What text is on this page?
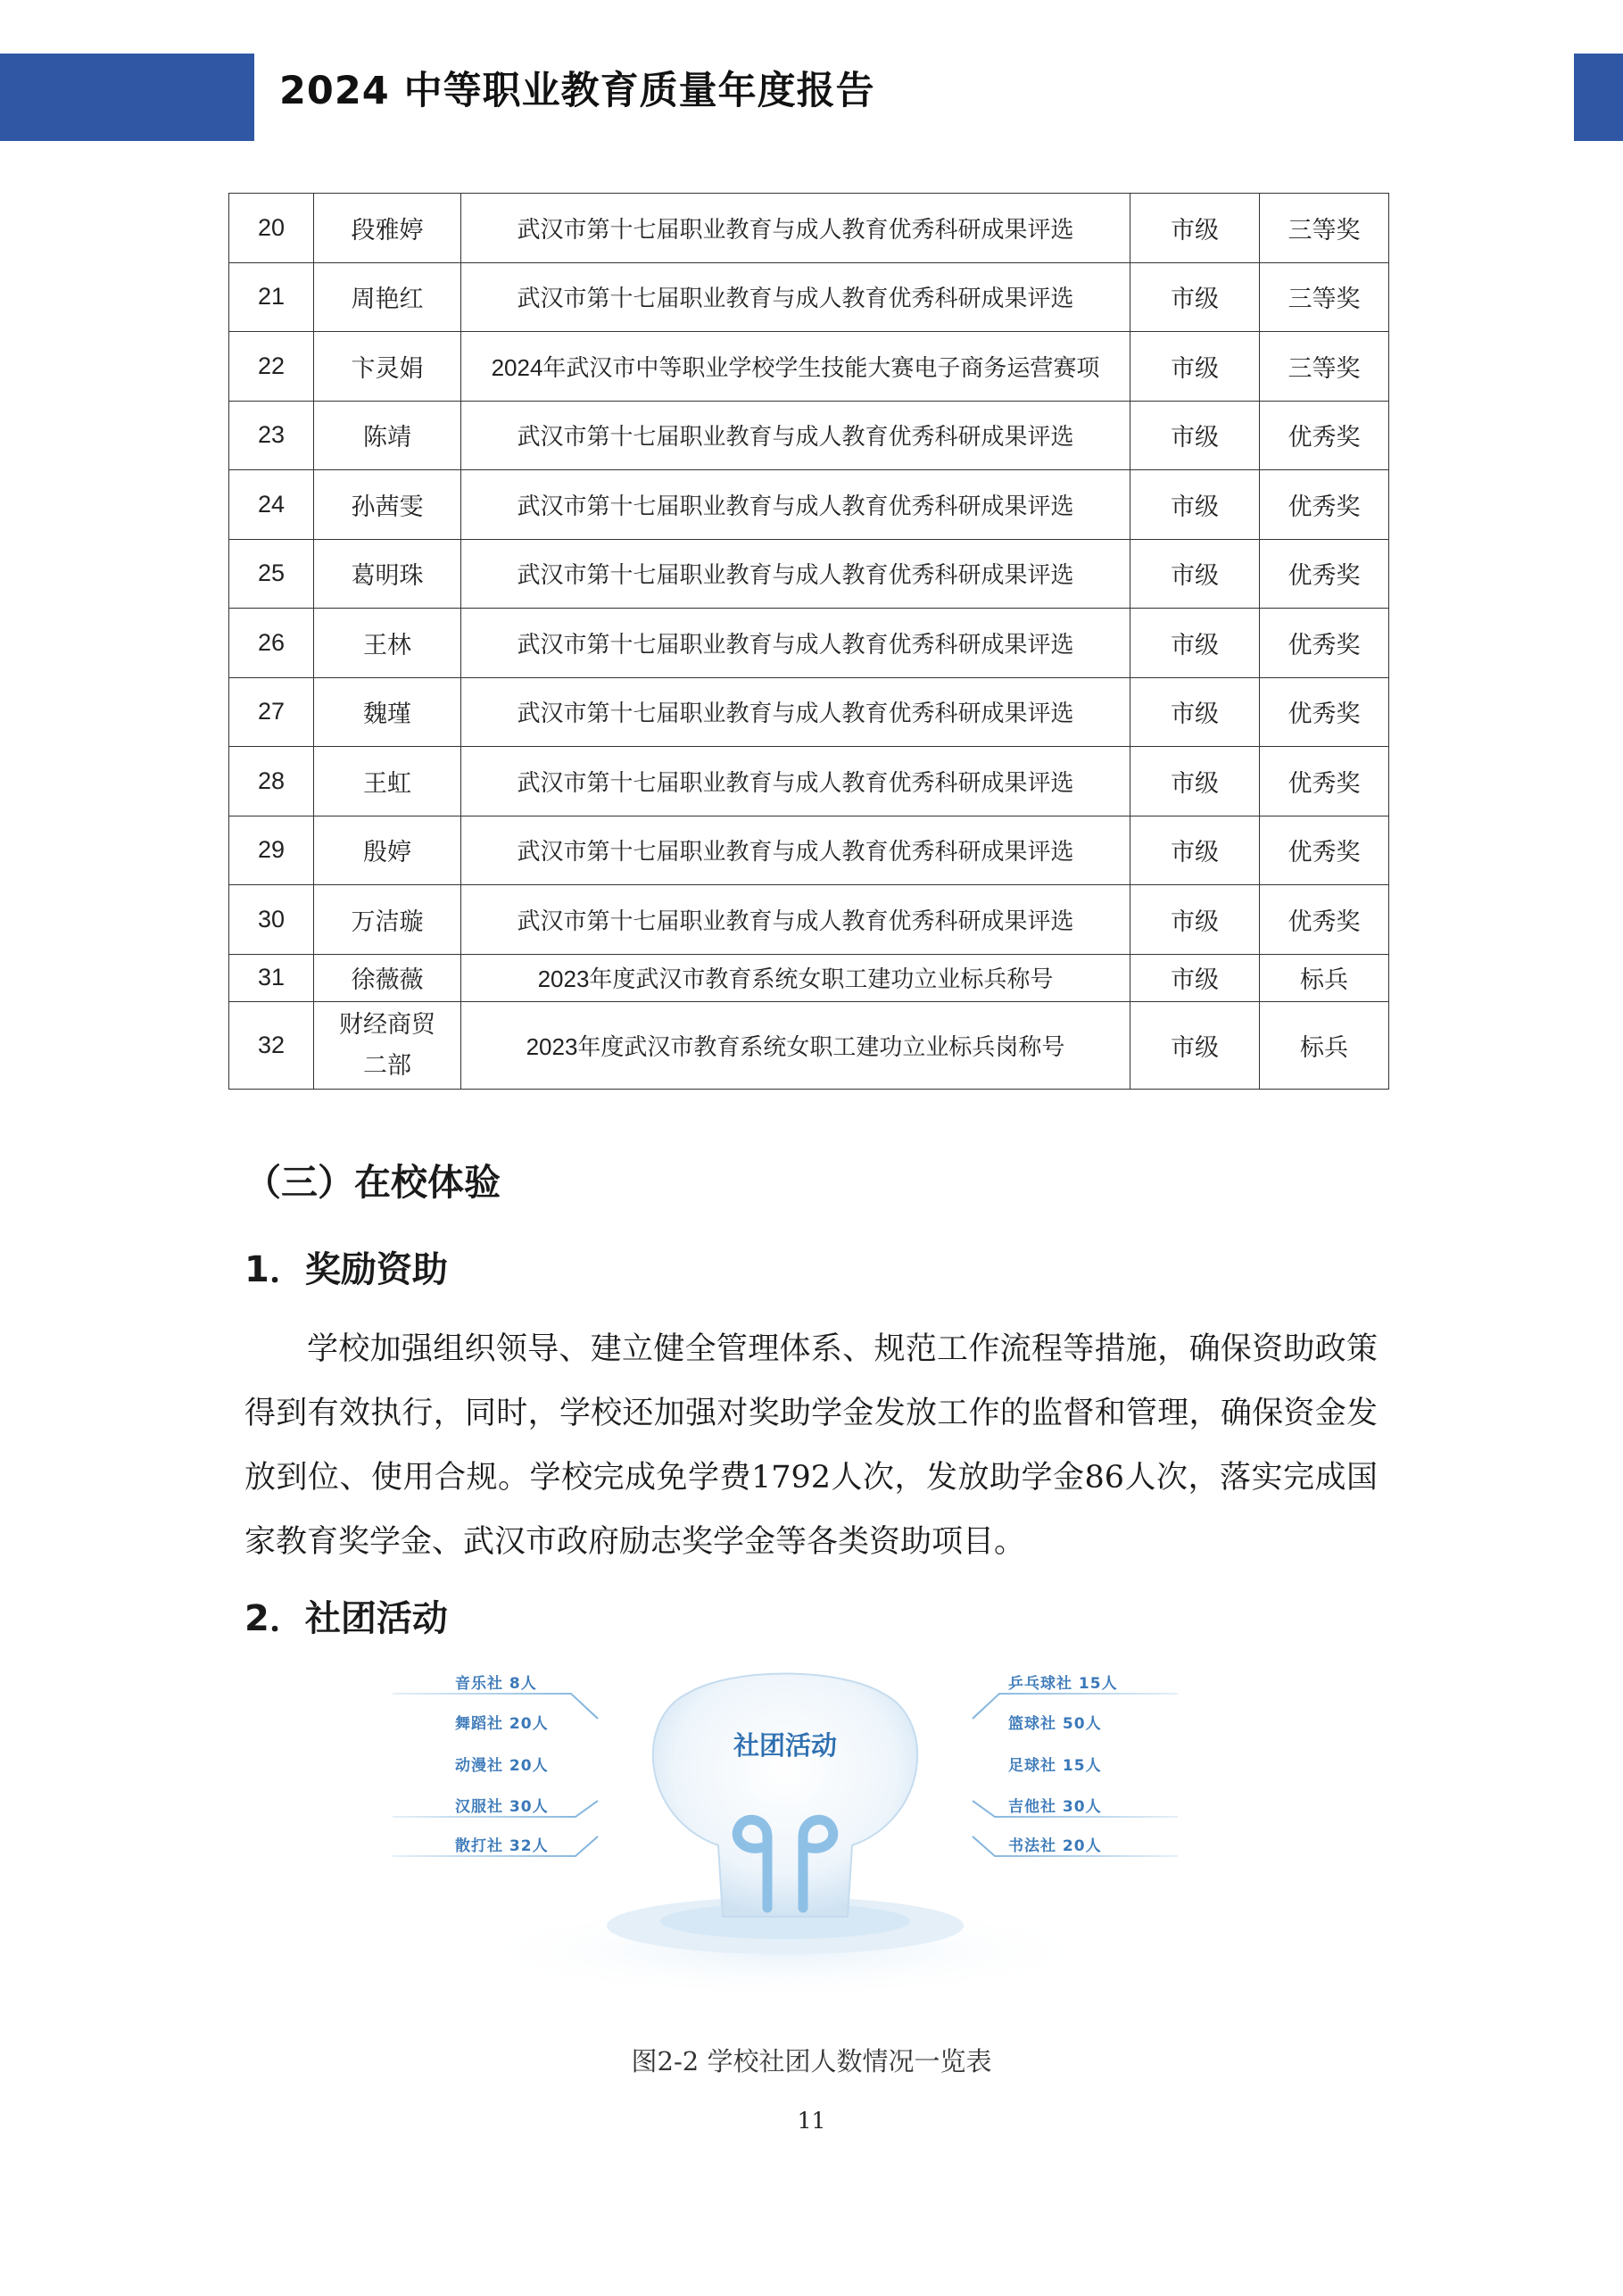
2024 中等职业教育质量年度报告
20	段雅婷	武汉市第十七届职业教育与成人教育优秀科研成果评选	市级	三等奖
21	周艳红	武汉市第十七届职业教育与成人教育优秀科研成果评选	市级	三等奖
22	卞灵娟	2024年武汉市中等职业学校学生技能大赛电子商务运营赛项	市级	三等奖
23	陈靖	武汉市第十七届职业教育与成人教育优秀科研成果评选	市级	优秀奖
24	孙茜雯	武汉市第十七届职业教育与成人教育优秀科研成果评选	市级	优秀奖
25	葛明珠	武汉市第十七届职业教育与成人教育优秀科研成果评选	市级	优秀奖
26	王林	武汉市第十七届职业教育与成人教育优秀科研成果评选	市级	优秀奖
27	魏瑾	武汉市第十七届职业教育与成人教育优秀科研成果评选	市级	优秀奖
28	王虹	武汉市第十七届职业教育与成人教育优秀科研成果评选	市级	优秀奖
29	殷婷	武汉市第十七届职业教育与成人教育优秀科研成果评选	市级	优秀奖
30	万洁璇	武汉市第十七届职业教育与成人教育优秀科研成果评选	市级	优秀奖
31	徐薇薇	2023年度武汉市教育系统女职工建功立业标兵称号	市级	标兵
32	财经商贸二部	2023年度武汉市教育系统女职工建功立业标兵岗称号	市级	标兵
（三）在校体验
1．奖励资助

学校加强组织领导、建立健全管理体系、规范工作流程等措施，确保资助政策得到有效执行，同时，学校还加强对奖助学金发放工作的监督和管理，确保资金发放到位、使用合规。学校完成免学费1792人次，发放助学金86人次，落实完成国家教育奖学金、武汉市政府励志奖学金等各类资助项目。

2．社团活动
社团活动
音乐社 8人
舞蹈社 20人
动漫社 20人
汉服社 30人
散打社 32人
乒乓球社 15人
篮球社 50人
足球社 15人
吉他社 30人
书法社 20人
图2-2 学校社团人数情况一览表
11
